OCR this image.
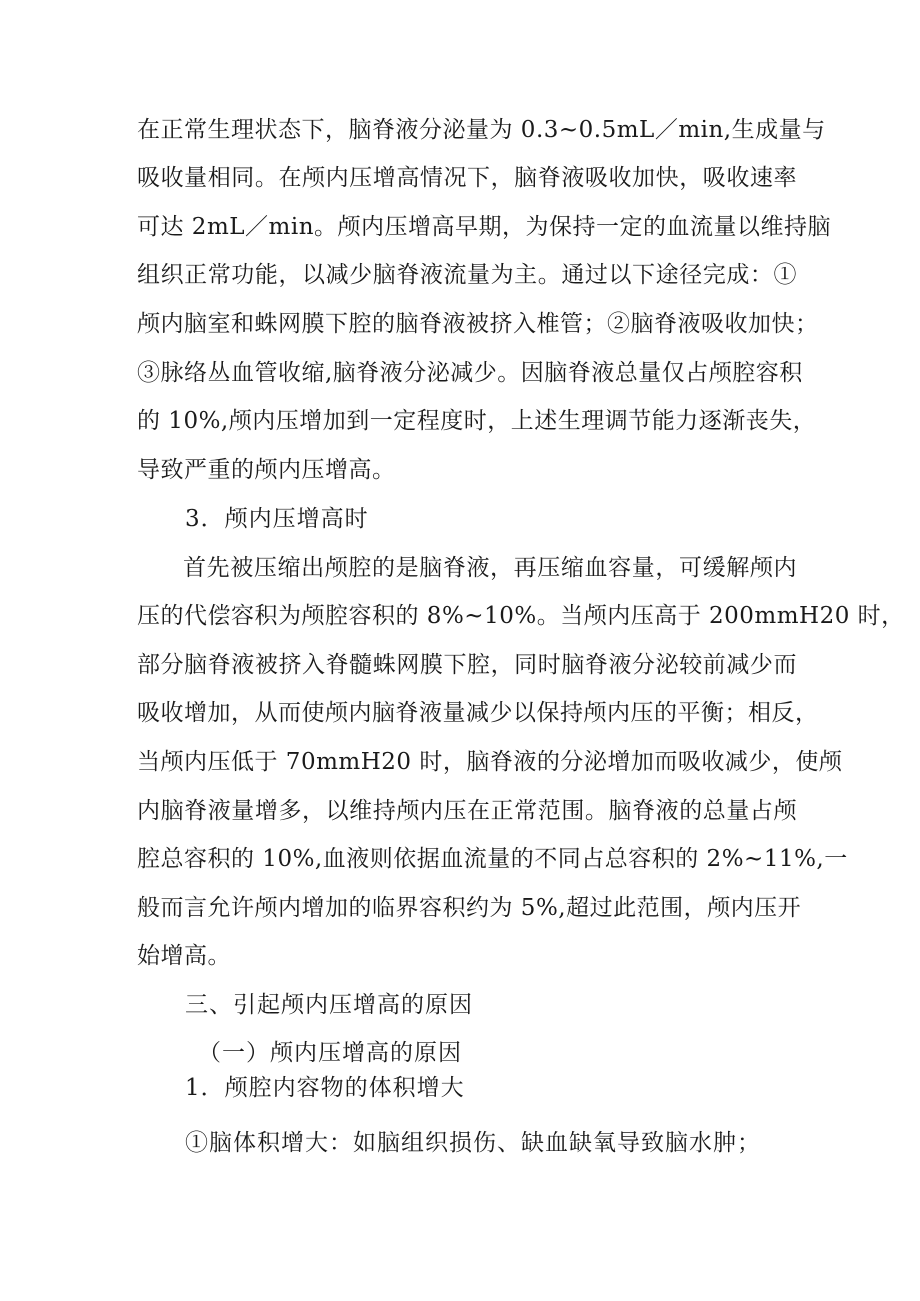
在正常生理状态下，脑脊液分泌量为 0.3~0.5mL／min,生成量与
吸收量相同。在颅内压增高情况下，脑脊液吸收加快，吸收速率
可达 2mL／min。颅内压增高早期，为保持一定的血流量以维持脑
组织正常功能，以减少脑脊液流量为主。通过以下途径完成：①
颅内脑室和蛛网膜下腔的脑脊液被挤入椎管；②脑脊液吸收加快；
③脉络丛血管收缩,脑脊液分泌减少。因脑脊液总量仅占颅腔容积
的 10%,颅内压增加到一定程度时，上述生理调节能力逐渐丧失，
导致严重的颅内压增高。
3．颅内压增高时
首先被压缩出颅腔的是脑脊液，再压缩血容量，可缓解颅内
压的代偿容积为颅腔容积的 8%~10%。当颅内压高于 200mmH20 时，
部分脑脊液被挤入脊髓蛛网膜下腔，同时脑脊液分泌较前减少而
吸收增加，从而使颅内脑脊液量减少以保持颅内压的平衡；相反，
当颅内压低于 70mmH20 时，脑脊液的分泌增加而吸收减少，使颅
内脑脊液量增多，以维持颅内压在正常范围。脑脊液的总量占颅
腔总容积的 10%,血液则依据血流量的不同占总容积的 2%~11%,一
般而言允许颅内增加的临界容积约为 5%,超过此范围，颅内压开
始增高。
三、引起颅内压增高的原因
（一）颅内压增高的原因
1．颅腔内容物的体积增大
①脑体积增大：如脑组织损伤、缺血缺氧导致脑水肿；
